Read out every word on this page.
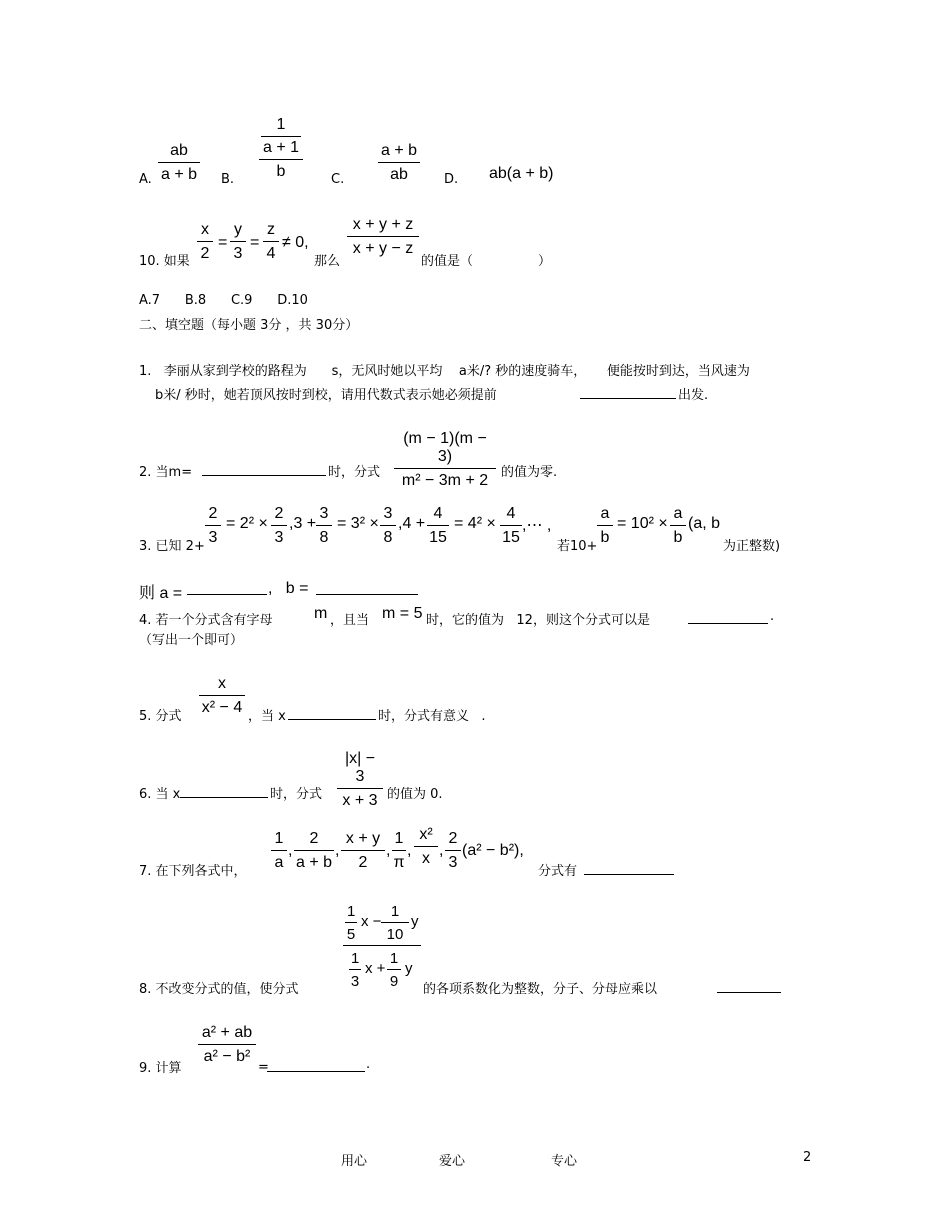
A. $\frac{ab}{a + b} B$. 1
a + 1
b C. $\frac{a + b}{ab} D$. ab(a + b)
10. 如果 $\frac{x}{2} = \frac{y}{3} = \frac{z}{4} \ne 0$,
那么
$\frac{x + y + z}{x + y - z}$
的值是（　　　　　）
A.7      B.8      C.9      D.10
二、填空题（每小题 3分 ，共 30分）
1.   李丽从家到学校的路程为      s，无风时她以平均    a米/? 秒的速度骑车，     便能按时到达，当风速为
b米/ 秒时，她若顶风按时到校，请用代数式表示她必须提前	出发.
2. 当m=	时，分式 $\frac{(m - 1)(m - 3)}{\text{m² − 3m + 2}}$ 的值为零.
3. 已知 $2+ \frac{2}{3} = 2^2 \times \frac{2}{3} ,3 + \frac{3}{8} = 3^2 \times \frac{3}{8} ,4 + \frac{4}{15} = 4^2 \times \frac{4}{15}$ ,⋯ ,
若$10+ \frac{a}{b} = 10^2 \times \frac{a}{b} (a$, b
为正整数)
则 a =	,   b =
4. 若一个分式含有字母	m ，且当 m = 5 时，它的值为   12，则这个分式可以是	.
（写出一个即可）
5. 分式 $\frac{x}{\text{x² − 4}}$ ，当 x	时，分式有意义   .
6. 当 x	时，分式 $\frac{|x| - 3}{x + 3}$ 的值为 0.
7. 在下列各式中， $\frac{1}{a}$ , $\frac{2}{a + b}$ , $\frac{x + y}{2}$ , $\frac{1}{\pi}$ , $\frac{\text{x²}}{x}$ , $\frac{2}{3} (a^2 - b^2)$,
分式有
8. 不改变分式的值，使分式
$\frac{1}{5}$ $x - \frac{1}{10}$ y
$\frac{1}{3}$ $x + \frac{1}{9}$ y
的各项系数化为整数，分子、分母应乘以
9. 计算
$\frac{\text{a² + ab}}{\text{a² − b²}}$
=	.
用心	爱心	专心	2
